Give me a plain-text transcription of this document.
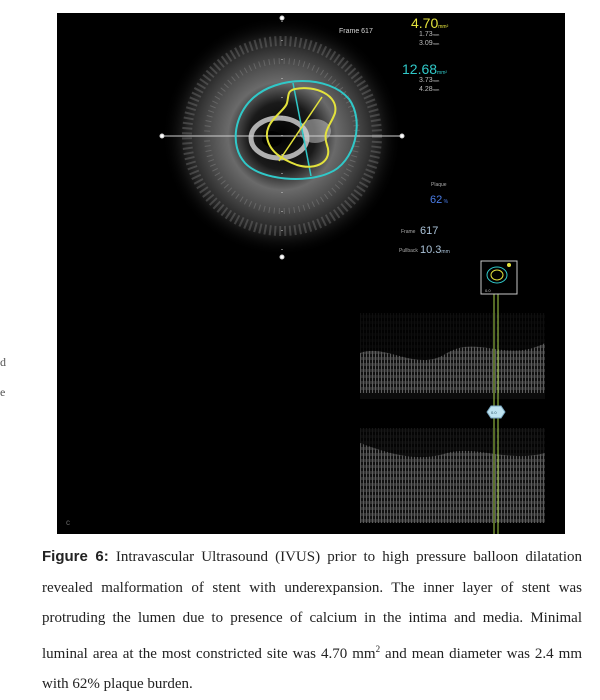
d
e
Frame 617
4.70mm²
1.73mm
3.09mm
12.68mm²
3.73mm
4.28mm
Plaque
62 %
Frame 617
Pullback 10.3mm
0.0
0.0
c
Figure 6: Intravascular Ultrasound (IVUS) prior to high pressure balloon dilatation revealed malformation of stent with underexpansion. The inner layer of stent was protruding the lumen due to presence of calcium in the intima and media. Minimal luminal area at the most constricted site was 4.70 $mm^2$ and mean diameter was 2.4 mm with 62% plaque burden.
